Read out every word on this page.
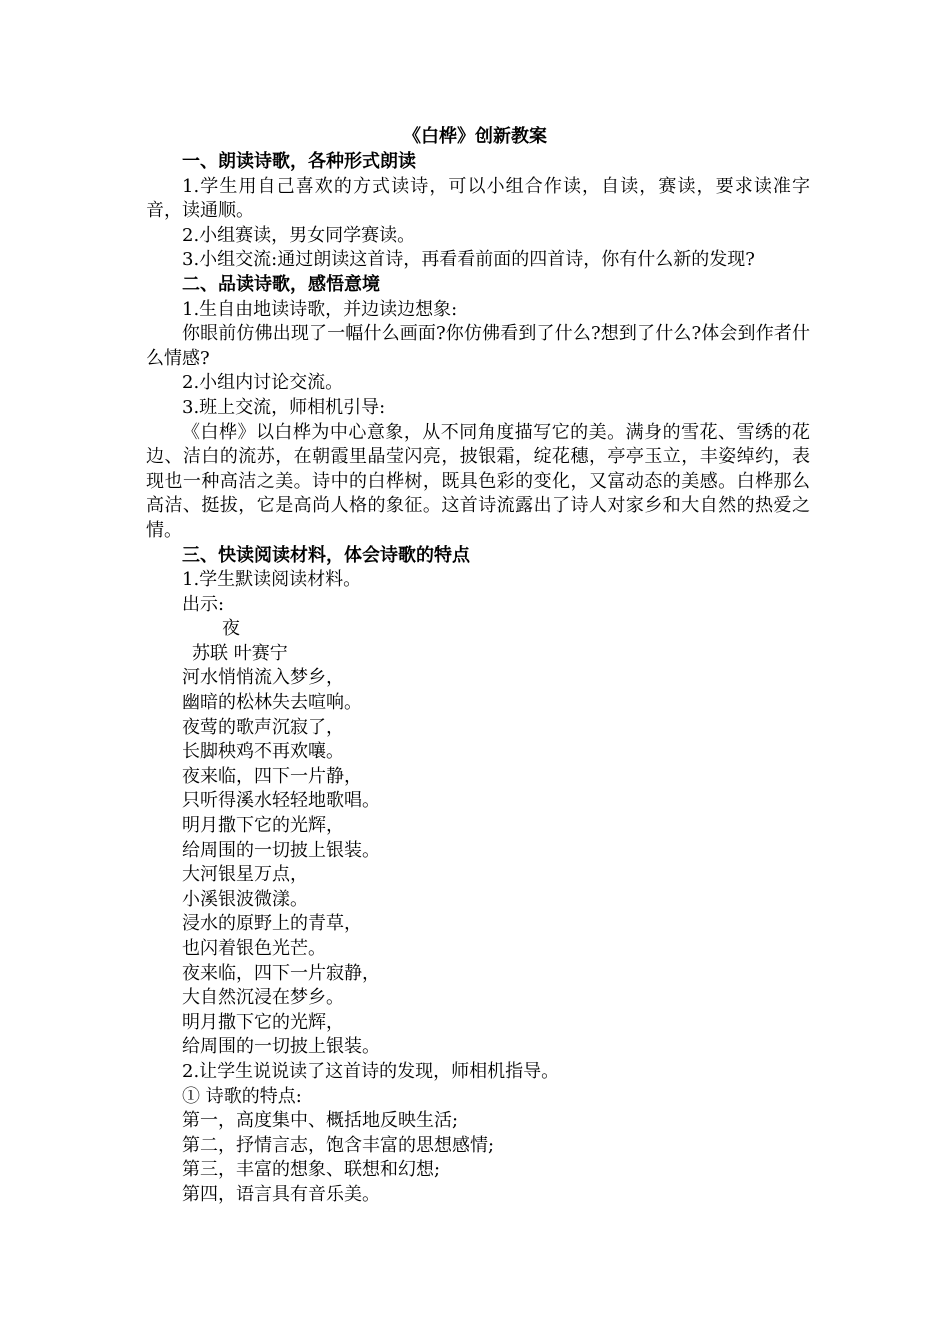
《白桦》创新教案

一、朗读诗歌，各种形式朗读

1.学生用自己喜欢的方式读诗，可以小组合作读，自读，赛读，要求读准字音，读通顺。

2.小组赛读，男女同学赛读。

3.小组交流:通过朗读这首诗，再看看前面的四首诗，你有什么新的发现?

二、品读诗歌，感悟意境

1.生自由地读诗歌，并边读边想象:

你眼前仿佛出现了一幅什么画面?你仿佛看到了什么?想到了什么?体会到作者什么情感?

2.小组内讨论交流。

3.班上交流，师相机引导:

《白桦》以白桦为中心意象，从不同角度描写它的美。满身的雪花、雪绣的花边、洁白的流苏，在朝霞里晶莹闪亮，披银霜，绽花穗，亭亭玉立，丰姿绰约，表现也一种高洁之美。诗中的白桦树，既具色彩的变化，又富动态的美感。白桦那么高洁、挺拔，它是高尚人格的象征。这首诗流露出了诗人对家乡和大自然的热爱之情。

三、快读阅读材料，体会诗歌的特点

1.学生默读阅读材料。

出示:

夜

苏联 叶赛宁

河水悄悄流入梦乡，

幽暗的松林失去喧响。

夜莺的歌声沉寂了，

长脚秧鸡不再欢嚷。

夜来临，四下一片静，

只听得溪水轻轻地歌唱。

明月撒下它的光辉，

给周围的一切披上银装。

大河银星万点，

小溪银波微漾。

浸水的原野上的青草，

也闪着银色光芒。

夜来临，四下一片寂静，

大自然沉浸在梦乡。

明月撒下它的光辉，

给周围的一切披上银装。

2.让学生说说读了这首诗的发现，师相机指导。

① 诗歌的特点:

第一，高度集中、概括地反映生活;

第二，抒情言志，饱含丰富的思想感情;

第三，丰富的想象、联想和幻想;

第四，语言具有音乐美。
